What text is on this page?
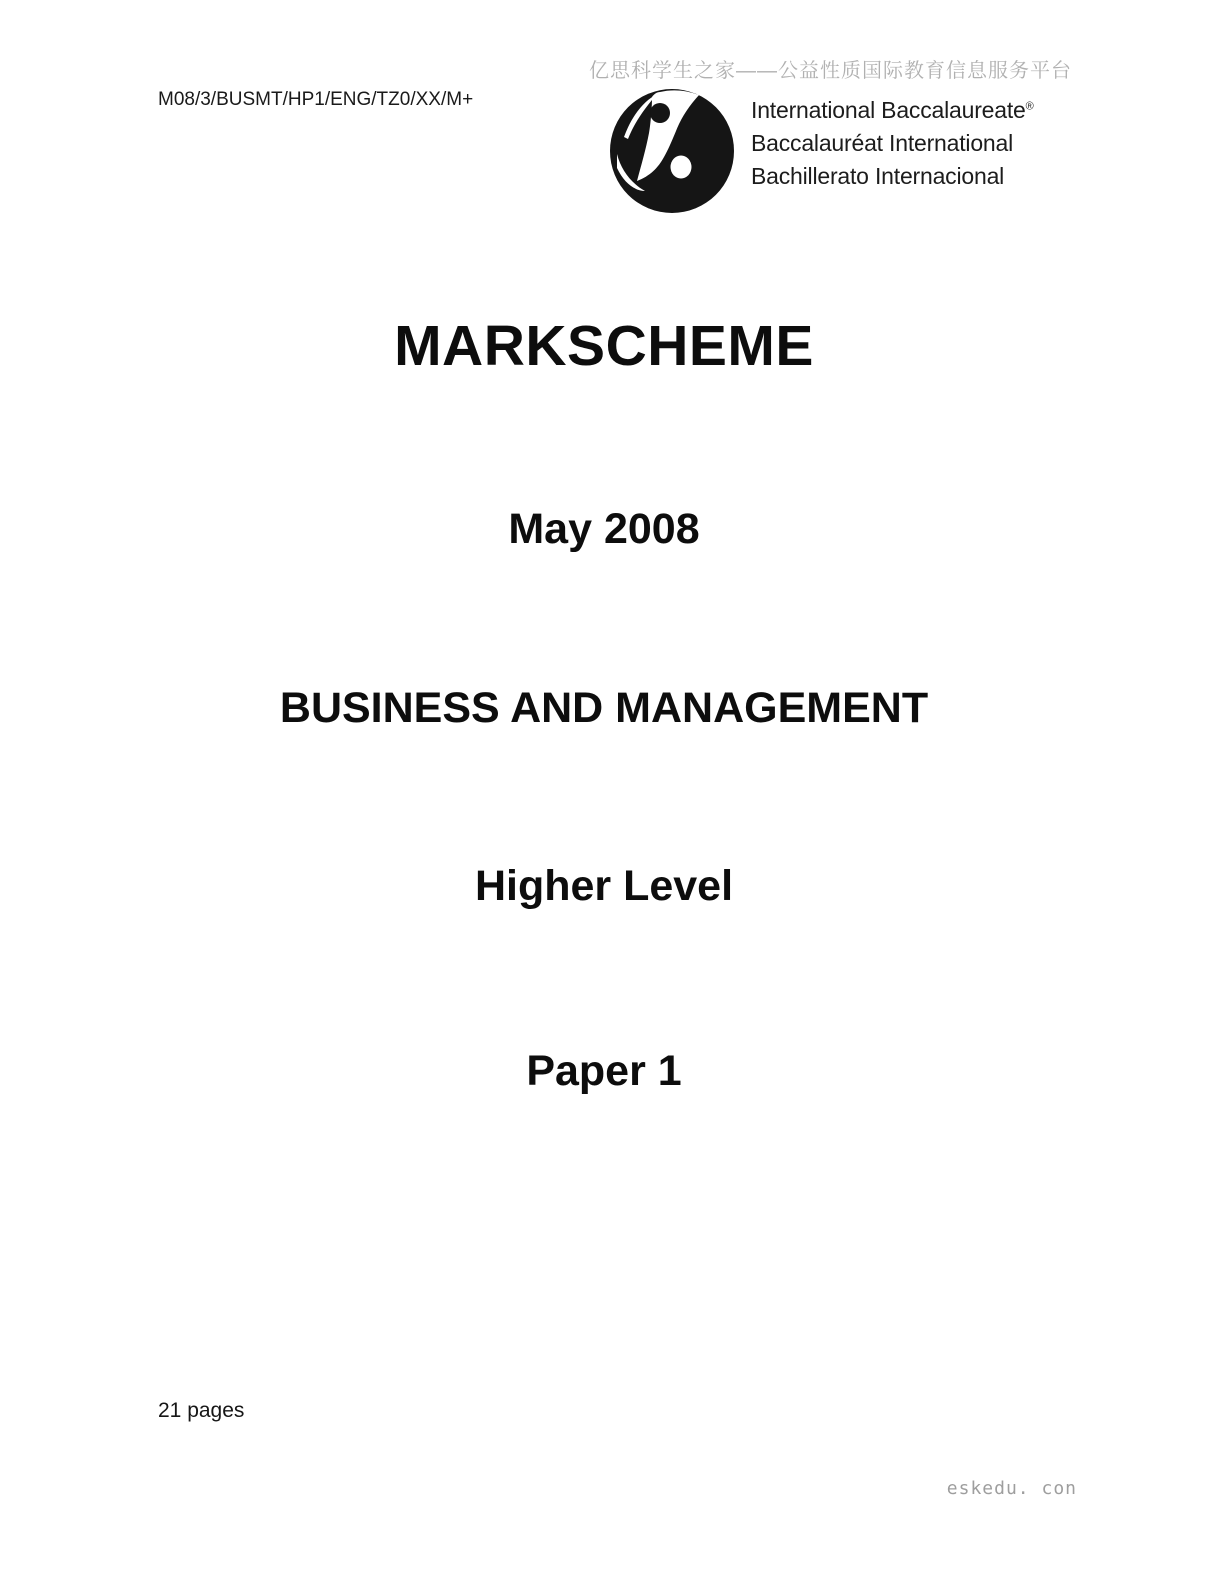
亿思科学生之家——公益性质国际教育信息服务平台
M08/3/BUSMT/HP1/ENG/TZ0/XX/M+	International Baccalaureate®
Baccalauréat International
Bachillerato Internacional
MARKSCHEME
May 2008
BUSINESS AND MANAGEMENT
Higher Level
Paper 1
21 pages
eskedu. con
